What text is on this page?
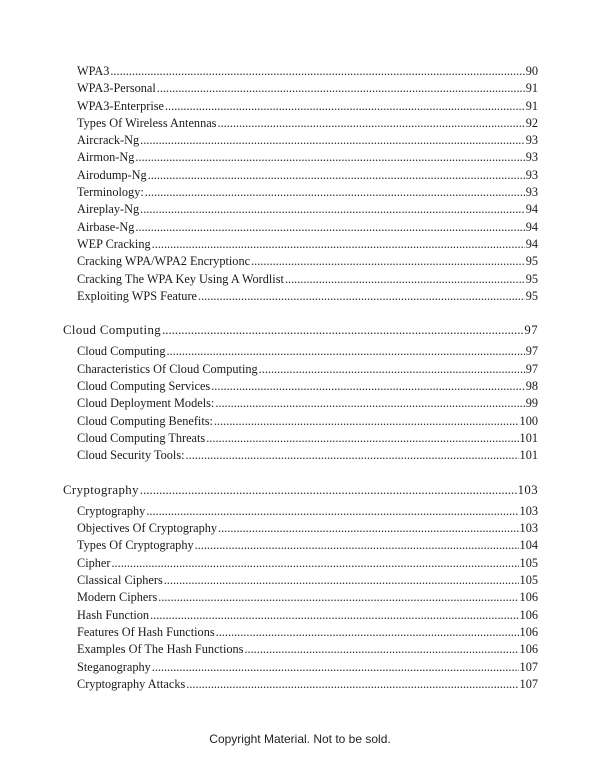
WPA3 .....	90
WPA3-Personal .....	91
WPA3-Enterprise .....	91
Types Of Wireless Antennas .....	92
Aircrack-Ng .....	93
Airmon-Ng .....	93
Airodump-Ng .....	93
Terminology: .....	93
Aireplay-Ng .....	94
Airbase-Ng .....	94
WEP Cracking .....	94
Cracking WPA/WPA2 Encryptionc .....	95
Cracking The WPA Key Using A Wordlist .....	95
Exploiting WPS Feature .....	95
Cloud Computing .....	97
Cloud Computing .....	97
Characteristics Of Cloud Computing .....	97
Cloud Computing Services .....	98
Cloud Deployment Models: .....	99
Cloud Computing Benefits: .....	100
Cloud Computing Threats .....	101
Cloud Security Tools: .....	101
Cryptography .....	103
Cryptography .....	103
Objectives Of Cryptography .....	103
Types Of Cryptography .....	104
Cipher .....	105
Classical Ciphers .....	105
Modern Ciphers .....	106
Hash Function .....	106
Features Of Hash Functions .....	106
Examples Of The Hash Functions .....	106
Steganography .....	107
Cryptography Attacks .....	107
Copyright Material. Not to be sold.
